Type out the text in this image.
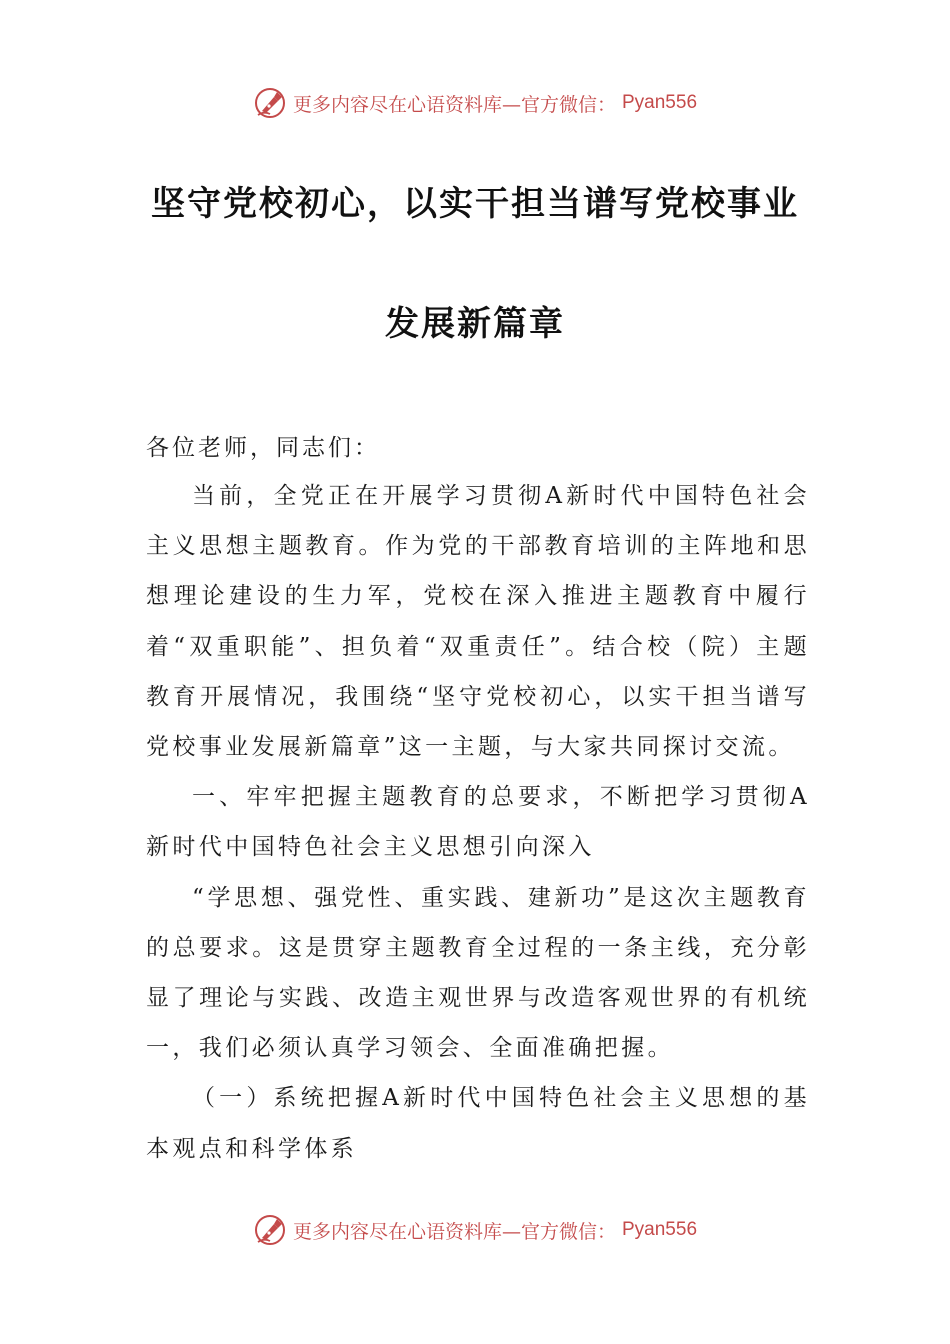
更多内容尽在心语资料库—官方微信： Pyan556
坚守党校初心，以实干担当谱写党校事业
发展新篇章
各位老师，同志们：

当前，全党正在开展学习贯彻A新时代中国特色社会主义思想主题教育。作为党的干部教育培训的主阵地和思想理论建设的生力军，党校在深入推进主题教育中履行着“双重职能”、担负着“双重责任”。结合校（院）主题教育开展情况，我围绕“坚守党校初心，以实干担当谱写党校事业发展新篇章”这一主题，与大家共同探讨交流。

一、牢牢把握主题教育的总要求，不断把学习贯彻A新时代中国特色社会主义思想引向深入

“学思想、强党性、重实践、建新功”是这次主题教育的总要求。这是贯穿主题教育全过程的一条主线，充分彰显了理论与实践、改造主观世界与改造客观世界的有机统一，我们必须认真学习领会、全面准确把握。

（一）系统把握A新时代中国特色社会主义思想的基本观点和科学体系

更多内容尽在心语资料库—官方微信： Pyan556
